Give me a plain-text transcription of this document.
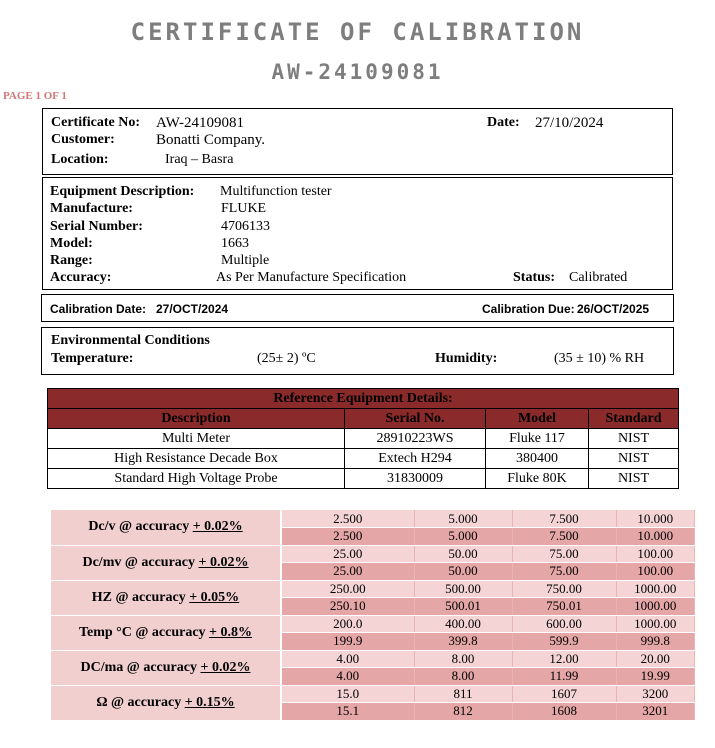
CERTIFICATE OF CALIBRATION
AW-24109081
PAGE 1 OF 1
Certificate No: AW-24109081	Date: 27/10/2024
Customer:	Bonatti Company.
Location:	Iraq – Basra
Equipment Description: Multifunction tester
Manufacture:	FLUKE
Serial Number:	4706133
Model:	1663
Range:	Multiple
Accuracy:	As Per Manufacture Specification	Status: Calibrated
Calibration Date: 27/OCT/2024	Calibration Due: 26/OCT/2025
Environmental Conditions
Temperature:	(25± 2) ºC	Humidity:	(35 ± 10) % RH
Reference Equipment Details:			
Description	Serial No.	Model	Standard
Multi Meter	28910223WS	Fluke 117	NIST
High Resistance Decade Box	Extech H294	380400	NIST
Standard High Voltage Probe	31830009	Fluke 80K	NIST
Dc/v @ accuracy + 0.02%	2.500	5.000	7.500	10.000
	2.500	5.000	7.500	10.000
Dc/mv @ accuracy + 0.02%	25.00	50.00	75.00	100.00
	25.00	50.00	75.00	100.00
HZ @ accuracy + 0.05%	250.00	500.00	750.00	1000.00
	250.10	500.01	750.01	1000.00
Temp °C @ accuracy + 0.8%	200.0	400.00	600.00	1000.00
	199.9	399.8	599.9	999.8
DC/ma @ accuracy + 0.02%	4.00	8.00	12.00	20.00
	4.00	8.00	11.99	19.99
Ω @ accuracy + 0.15%	15.0	811	1607	3200
	15.1	812	1608	3201
